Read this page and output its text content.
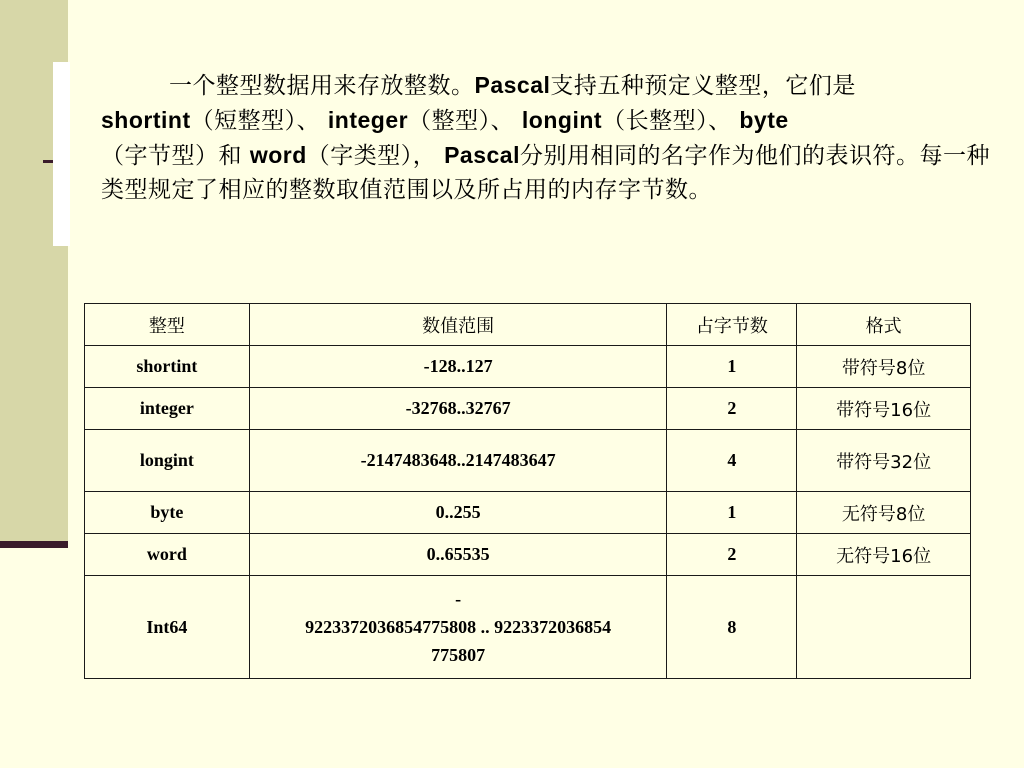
一个整型数据用来存放整数。Pascal支持五种预定义整型，它们是
shortint（短整型）、 integer（整型）、 longint（长整型）、 byte
（字节型）和 word（字类型）， Pascal分别用相同的名字作为他们的表识符。每一种类型规定了相应的整数取值范围以及所占用的内存字节数。
整型	数值范围	占字节数	格式
shortint	-128..127	1	带符号8位
integer	-32768..32767	2	带符号16位
longint	-2147483648..2147483647	4	带符号32位
byte	0..255	1	无符号8位
word	0..65535	2	无符号16位
Int64	-
9223372036854775808 .. 9223372036854
775807	8	
